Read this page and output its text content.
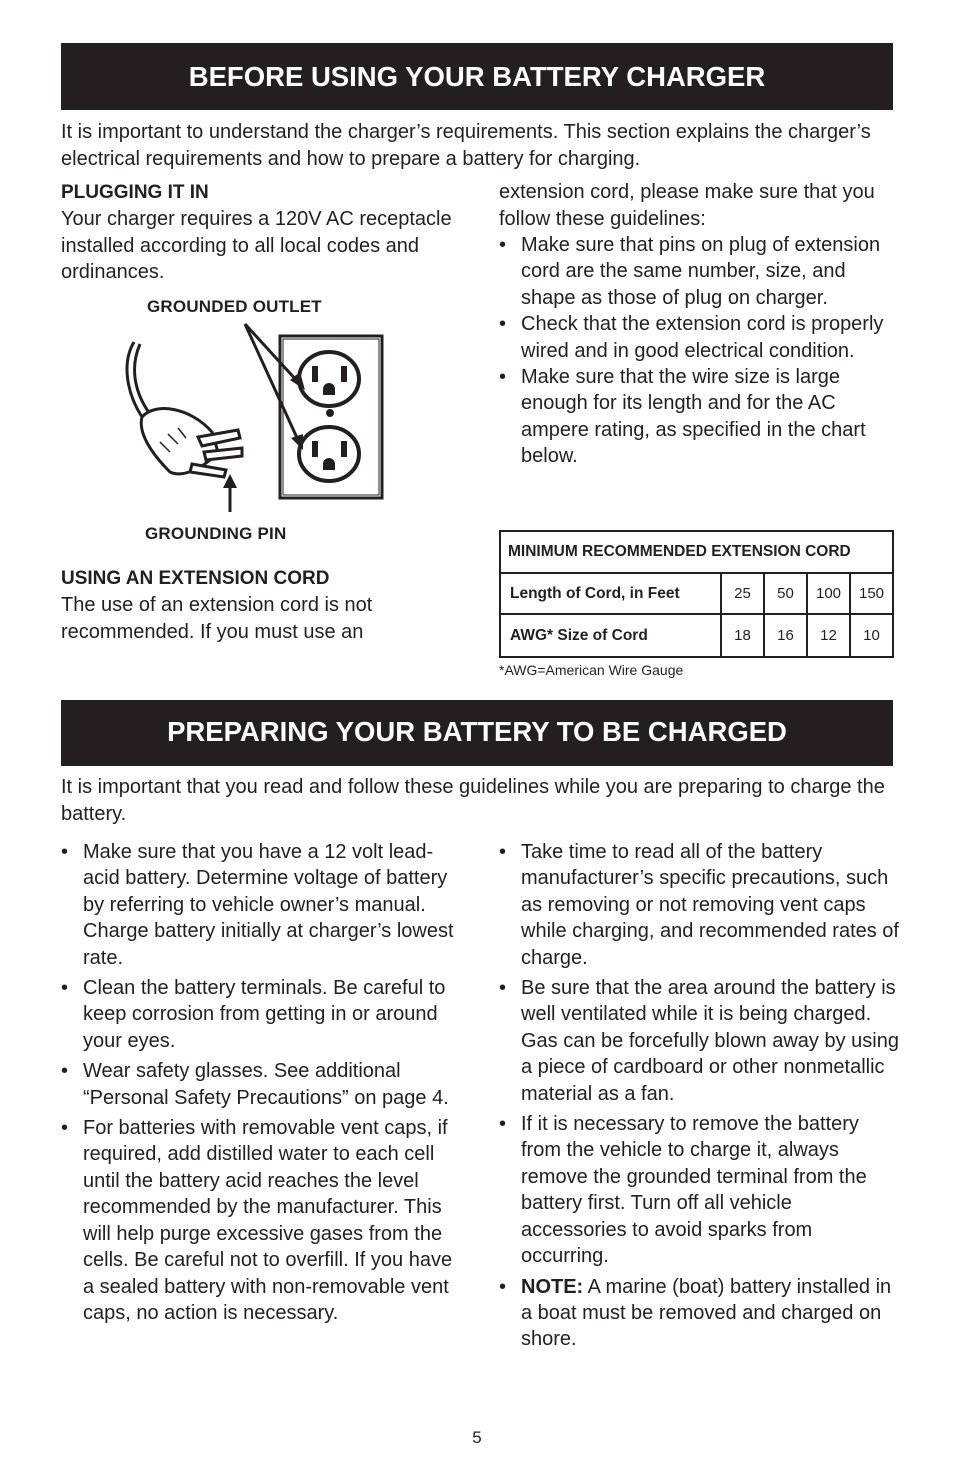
BEFORE USING YOUR BATTERY CHARGER

It is important to understand the charger’s requirements. This section explains the charger’s electrical requirements and how to prepare a battery for charging.

PLUGGING IT IN

Your charger requires a 120V AC receptacle installed according to all local codes and ordinances.

GROUNDED OUTLET
GROUNDING PIN
USING AN EXTENSION CORD

The use of an extension cord is not recommended. If you must use an

extension cord, please make sure that you follow these guidelines:

• Make sure that pins on plug of extension cord are the same number, size, and shape as those of plug on charger.
• Check that the extension cord is properly wired and in good electrical condition.
• Make sure that the wire size is large enough for its length and for the AC ampere rating, as specified in the chart below.
MINIMUM RECOMMENDED EXTENSION CORD				
Length of Cord, in Feet	25	50	100	150
AWG* Size of Cord	18	16	12	10
*AWG=American Wire Gauge
PREPARING YOUR BATTERY TO BE CHARGED

It is important that you read and follow these guidelines while you are preparing to charge the battery.

• Make sure that you have a 12 volt lead-acid battery. Determine voltage of battery by referring to vehicle owner’s manual. Charge battery initially at charger’s lowest rate.
• Clean the battery terminals. Be careful to keep corrosion from getting in or around your eyes.
• Wear safety glasses. See additional “Personal Safety Precautions” on page 4.
• For batteries with removable vent caps, if required, add distilled water to each cell until the battery acid reaches the level recommended by the manufacturer. This will help purge excessive gases from the cells. Be careful not to overfill. If you have a sealed battery with non-removable vent caps, no action is necessary.
• Take time to read all of the battery manufacturer’s specific precautions, such as removing or not removing vent caps while charging, and recommended rates of charge.
• Be sure that the area around the battery is well ventilated while it is being charged. Gas can be forcefully blown away by using a piece of cardboard or other nonmetallic material as a fan.
• If it is necessary to remove the battery from the vehicle to charge it, always remove the grounded terminal from the battery first. Turn off all vehicle accessories to avoid sparks from occurring.
• NOTE: A marine (boat) battery installed in a boat must be removed and charged on shore.
5
